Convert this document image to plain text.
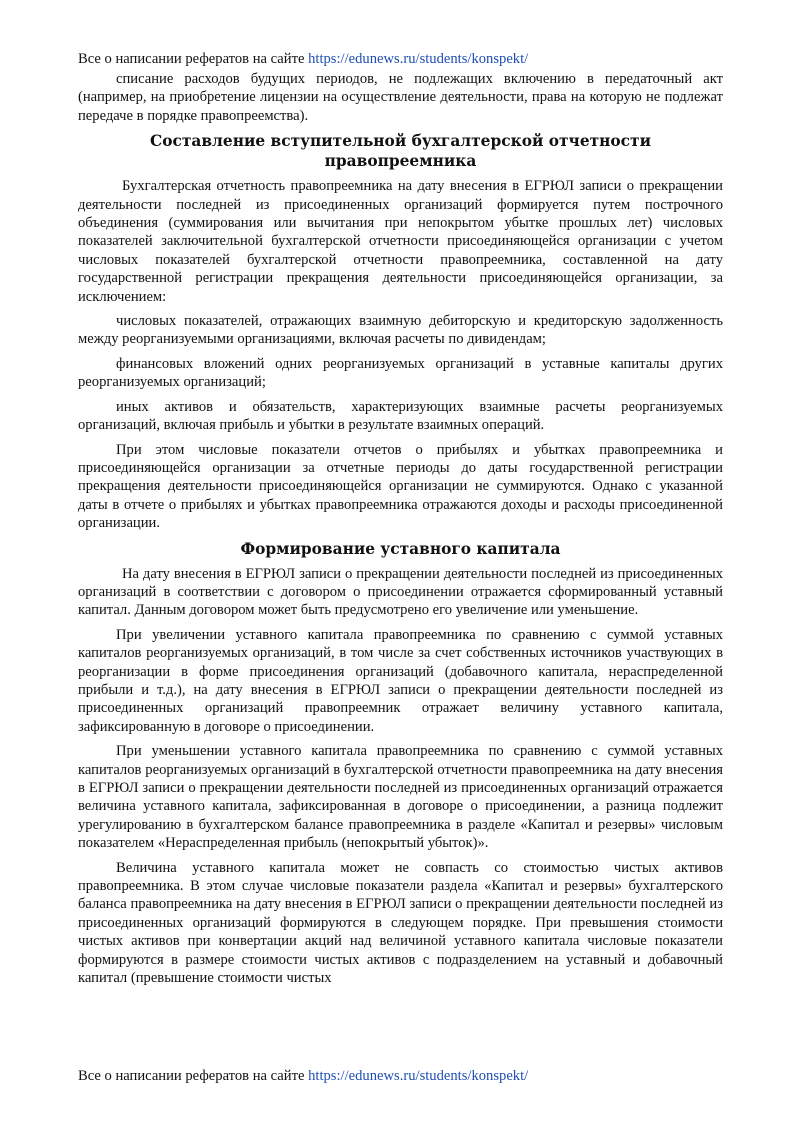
Все о написании рефератов на сайте https://edunews.ru/students/konspekt/

списание расходов будущих периодов, не подлежащих включению в передаточный акт (например, на приобретение лицензии на осуществление деятельности, права на которую не подлежат передаче в порядке правопреемства).

Составление вступительной бухгалтерской отчетности правопреемника

Бухгалтерская отчетность правопреемника на дату внесения в ЕГРЮЛ записи о прекращении деятельности последней из присоединенных организаций формируется путем построчного объединения (суммирования или вычитания при непокрытом убытке прошлых лет) числовых показателей заключительной бухгалтерской отчетности присоединяющейся организации с учетом числовых показателей бухгалтерской отчетности правопреемника, составленной на дату государственной регистрации прекращения деятельности присоединяющейся организации, за исключением:

числовых показателей, отражающих взаимную дебиторскую и кредиторскую задолженность между реорганизуемыми организациями, включая расчеты по дивидендам;

финансовых вложений одних реорганизуемых организаций в уставные капиталы других реорганизуемых организаций;

иных активов и обязательств, характеризующих взаимные расчеты реорганизуемых организаций, включая прибыль и убытки в результате взаимных операций.

При этом числовые показатели отчетов о прибылях и убытках правопреемника и присоединяющейся организации за отчетные периоды до даты государственной регистрации прекращения деятельности присоединяющейся организации не суммируются. Однако с указанной даты в отчете о прибылях и убытках правопреемника отражаются доходы и расходы присоединенной организации.

Формирование уставного капитала

На дату внесения в ЕГРЮЛ записи о прекращении деятельности последней из присоединенных организаций в соответствии с договором о присоединении отражается сформированный уставный капитал. Данным договором может быть предусмотрено его увеличение или уменьшение.

При увеличении уставного капитала правопреемника по сравнению с суммой уставных капиталов реорганизуемых организаций, в том числе за счет собственных источников участвующих в реорганизации в форме присоединения организаций (добавочного капитала, нераспределенной прибыли и т.д.), на дату внесения в ЕГРЮЛ записи о прекращении деятельности последней из присоединенных организаций правопреемник отражает величину уставного капитала, зафиксированную в договоре о присоединении.

При уменьшении уставного капитала правопреемника по сравнению с суммой уставных капиталов реорганизуемых организаций в бухгалтерской отчетности правопреемника на дату внесения в ЕГРЮЛ записи о прекращении деятельности последней из присоединенных организаций отражается величина уставного капитала, зафиксированная в договоре о присоединении, а разница подлежит урегулированию в бухгалтерском балансе правопреемника в разделе «Капитал и резервы» числовым показателем «Нераспределенная прибыль (непокрытый убыток)».

Величина уставного капитала может не совпасть со стоимостью чистых активов правопреемника. В этом случае числовые показатели раздела «Капитал и резервы» бухгалтерского баланса правопреемника на дату внесения в ЕГРЮЛ записи о прекращении деятельности последней из присоединенных организаций формируются в следующем порядке. При превышения стоимости чистых активов при конвертации акций над величиной уставного капитала числовые показатели формируются в размере стоимости чистых активов с подразделением на уставный и добавочный капитал (превышение стоимости чистых

Все о написании рефератов на сайте https://edunews.ru/students/konspekt/
